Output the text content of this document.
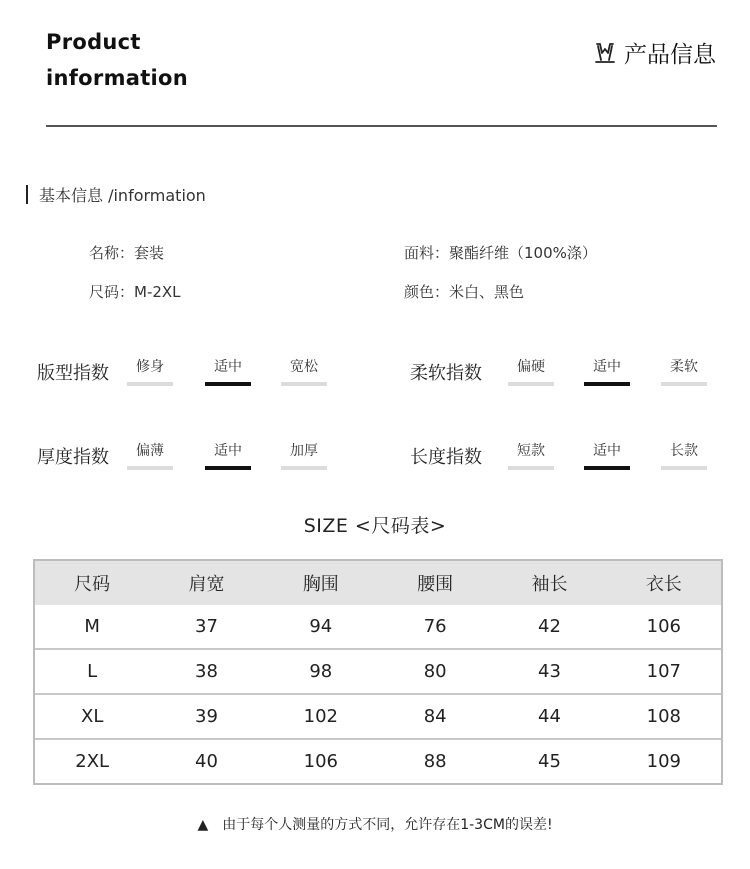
Product
information
产品信息
基本信息 /information
名称：套装	面料：聚酯纤维（100%涤）
尺码：M-2XL	颜色：米白、黑色
版型指数	修身	适中	宽松	柔软指数	偏硬	适中	柔软
厚度指数	偏薄	适中	加厚	长度指数	短款	适中	长款
SIZE <尺码表>
尺码	肩宽	胸围	腰围	袖长	衣长
M	37	94	76	42	106
L	38	98	80	43	107
XL	39	102	84	44	108
2XL	40	106	88	45	109
▲ 由于每个人测量的方式不同，允许存在1-3CM的误差!
